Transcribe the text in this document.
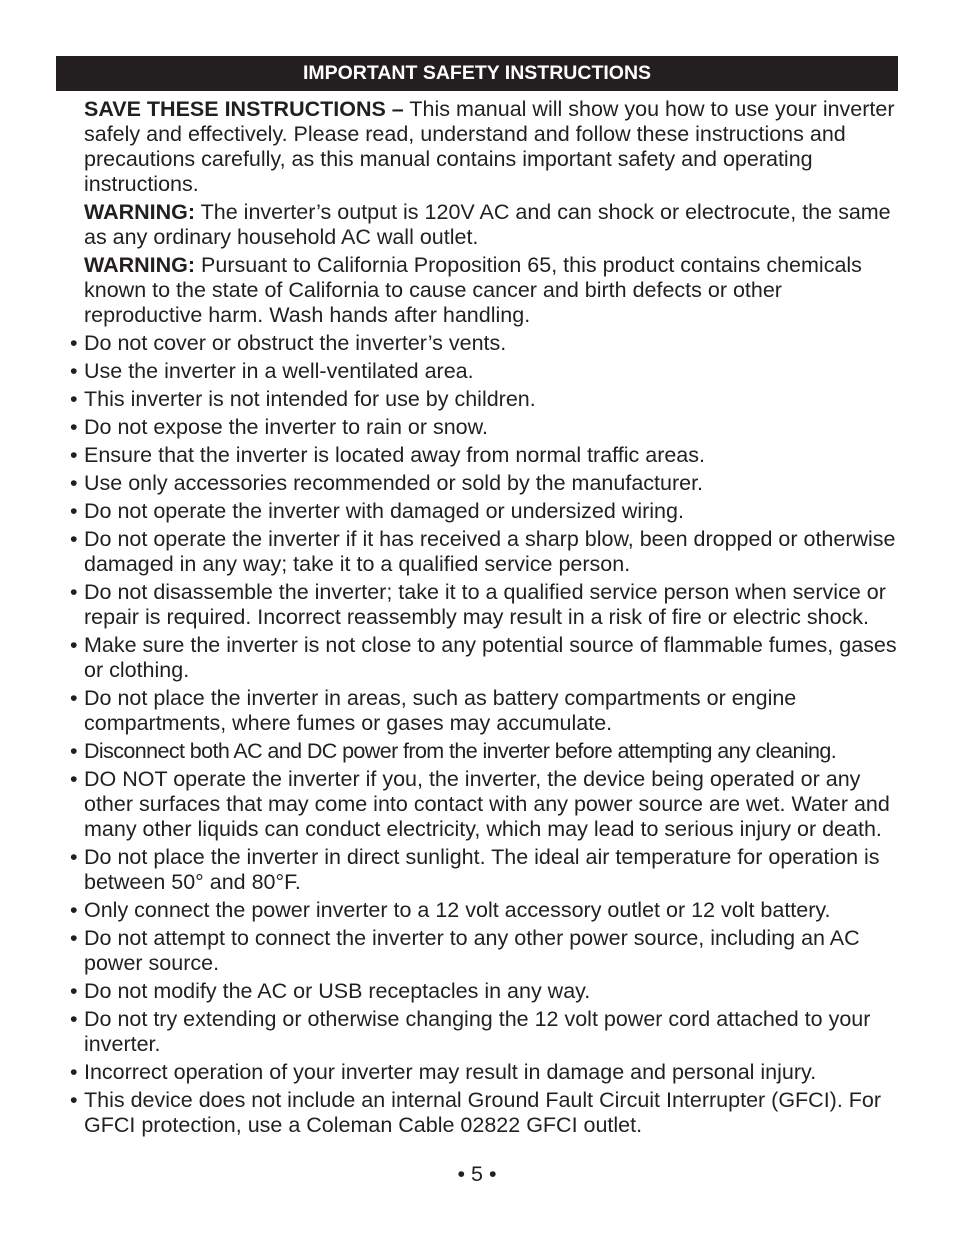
IMPORTANT SAFETY INSTRUCTIONS
SAVE THESE INSTRUCTIONS – This manual will show you how to use your inverter safely and effectively. Please read, understand and follow these instructions and precautions carefully, as this manual contains important safety and operating instructions.
WARNING: The inverter’s output is 120V AC and can shock or electrocute, the same as any ordinary household AC wall outlet.
WARNING: Pursuant to California Proposition 65, this product contains chemicals known to the state of California to cause cancer and birth defects or other reproductive harm. Wash hands after handling.
• Do not cover or obstruct the inverter’s vents.
• Use the inverter in a well-ventilated area.
• This inverter is not intended for use by children.
• Do not expose the inverter to rain or snow.
• Ensure that the inverter is located away from normal traffic areas.
• Use only accessories recommended or sold by the manufacturer.
• Do not operate the inverter with damaged or undersized wiring.
• Do not operate the inverter if it has received a sharp blow, been dropped or otherwise damaged in any way; take it to a qualified service person.
• Do not disassemble the inverter; take it to a qualified service person when service or repair is required. Incorrect reassembly may result in a risk of fire or electric shock.
• Make sure the inverter is not close to any potential source of flammable fumes, gases or clothing.
• Do not place the inverter in areas, such as battery compartments or engine compartments, where fumes or gases may accumulate.
• Disconnect both AC and DC power from the inverter before attempting any cleaning.
• DO NOT operate the inverter if you, the inverter, the device being operated or any other surfaces that may come into contact with any power source are wet. Water and many other liquids can conduct electricity, which may lead to serious injury or death.
• Do not place the inverter in direct sunlight. The ideal air temperature for operation is between 50° and 80°F.
• Only connect the power inverter to a 12 volt accessory outlet or 12 volt battery.
• Do not attempt to connect the inverter to any other power source, including an AC power source.
• Do not modify the AC or USB receptacles in any way.
• Do not try extending or otherwise changing the 12 volt power cord attached to your inverter.
• Incorrect operation of your inverter may result in damage and personal injury.
• This device does not include an internal Ground Fault Circuit Interrupter (GFCI). For GFCI protection, use a Coleman Cable 02822 GFCI outlet.
• 5 •
